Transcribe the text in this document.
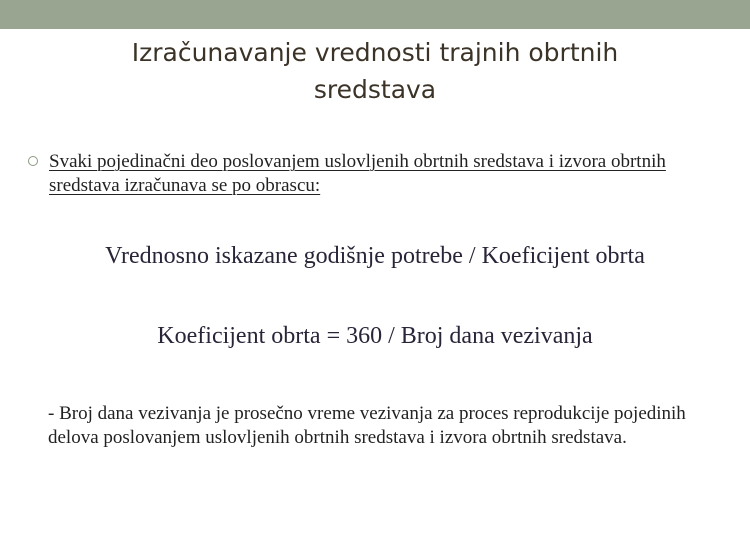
Izračunavanje vrednosti trajnih obrtnih
sredstava
Svaki pojedinačni deo poslovanjem uslovljenih obrtnih sredstava i izvora obrtnih sredstava izračunava se po obrascu:
Vrednosno iskazane godišnje potrebe / Koeficijent obrta
Koeficijent obrta = 360 / Broj dana vezivanja
- Broj dana vezivanja je prosečno vreme vezivanja za proces reprodukcije pojedinih delova poslovanjem uslovljenih obrtnih sredstava i izvora obrtnih sredstava.
